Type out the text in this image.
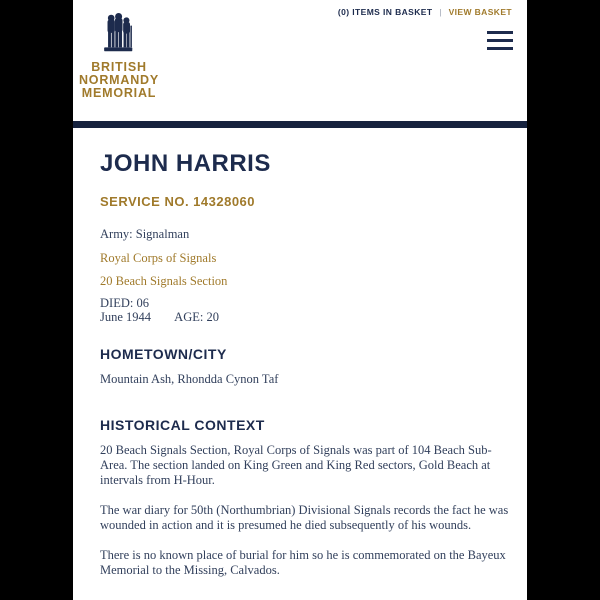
(0) ITEMS IN BASKET | VIEW BASKET
BRITISH
NORMANDY
MEMORIAL
JOHN HARRIS
SERVICE NO. 14328060
Army: Signalman
Royal Corps of Signals
20 Beach Signals Section
DIED: 06
June 1944 AGE: 20
HOMETOWN/CITY
Mountain Ash, Rhondda Cynon Taf
HISTORICAL CONTEXT

20 Beach Signals Section, Royal Corps of Signals was part of 104 Beach Sub-Area. The section landed on King Green and King Red sectors, Gold Beach at intervals from H-Hour.

The war diary for 50th (Northumbrian) Divisional Signals records the fact he was wounded in action and it is presumed he died subsequently of his wounds.

There is no known place of burial for him so he is commemorated on the Bayeux Memorial to the Missing, Calvados.
